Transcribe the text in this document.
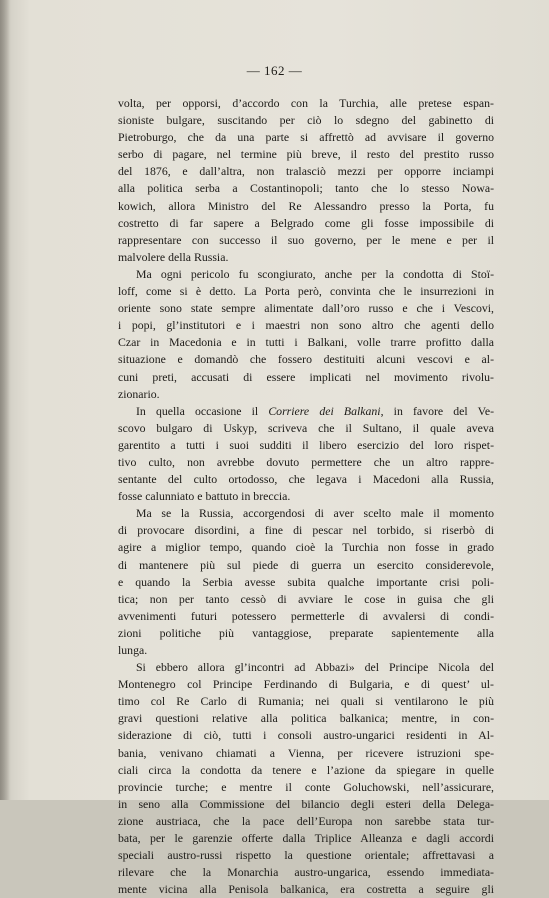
— 162 —

volta, per opporsi, d’accordo con la Turchia, alle pretese espan-
sioniste bulgare, suscitando per ciò lo sdegno del gabinetto di
Pietroburgo, che da una parte si affrettò ad avvisare il governo
serbo di pagare, nel termine più breve, il resto del prestito russo
del 1876, e dall’altra, non tralasciò mezzi per opporre inciampi
alla politica serba a Costantinopoli; tanto che lo stesso Nowa-
kowich, allora Ministro del Re Alessandro presso la Porta, fu
costretto di far sapere a Belgrado come gli fosse impossibile di
rappresentare con successo il suo governo, per le mene e per il
malvolere della Russia.

Ma ogni pericolo fu scongiurato, anche per la condotta di Stoï-
loff, come si è detto. La Porta però, convinta che le insurrezioni in
oriente sono state sempre alimentate dall’oro russo e che i Vescovi,
i popi, gl’institutori e i maestri non sono altro che agenti dello
Czar in Macedonia e in tutti i Balkani, volle trarre profitto dalla
situazione e domandò che fossero destituiti alcuni vescovi e al-
cuni preti, accusati di essere implicati nel movimento rivolu-
zionario.

In quella occasione il Corriere dei Balkani, in favore del Ve-
scovo bulgaro di Uskyp, scriveva che il Sultano, il quale aveva
garentito a tutti i suoi sudditi il libero esercizio del loro rispet-
tivo culto, non avrebbe dovuto permettere che un altro rappre-
sentante del culto ortodosso, che legava i Macedoni alla Russia,
fosse calunniato e battuto in breccia.

Ma se la Russia, accorgendosi di aver scelto male il momento
di provocare disordini, a fine di pescar nel torbido, si riserbò di
agire a miglior tempo, quando cioè la Turchia non fosse in grado
di mantenere più sul piede di guerra un esercito considerevole,
e quando la Serbia avesse subita qualche importante crisi poli-
tica; non per tanto cessò di avviare le cose in guisa che gli
avvenimenti futuri potessero permetterle di avvalersi di condi-
zioni politiche più vantaggiose, preparate sapientemente alla
lunga.

Si ebbero allora gl’incontri ad Abbazi» del Principe Nicola del
Montenegro col Principe Ferdinando di Bulgaria, e di quest’ ul-
timo col Re Carlo di Rumania; nei quali si ventilarono le più
gravi questioni relative alla politica balkanica; mentre, in con-
siderazione di ciò, tutti i consoli austro-ungarici residenti in Al-
bania, venivano chiamati a Vienna, per ricevere istruzioni spe-
ciali circa la condotta da tenere e l’azione da spiegare in quelle
provincie turche; e mentre il conte Goluchowski, nell’assicurare,
in seno alla Commissione del bilancio degli esteri della Delega-
zione austriaca, che la pace dell’Europa non sarebbe stata tur-
bata, per le garenzie offerte dalla Triplice Alleanza e dagli accordi
speciali austro-russi rispetto la questione orientale; affrettavasi a
rilevare che la Monarchia austro-ungarica, essendo immediata-
mente vicina alla Penisola balkanica, era costretta a seguire gli
